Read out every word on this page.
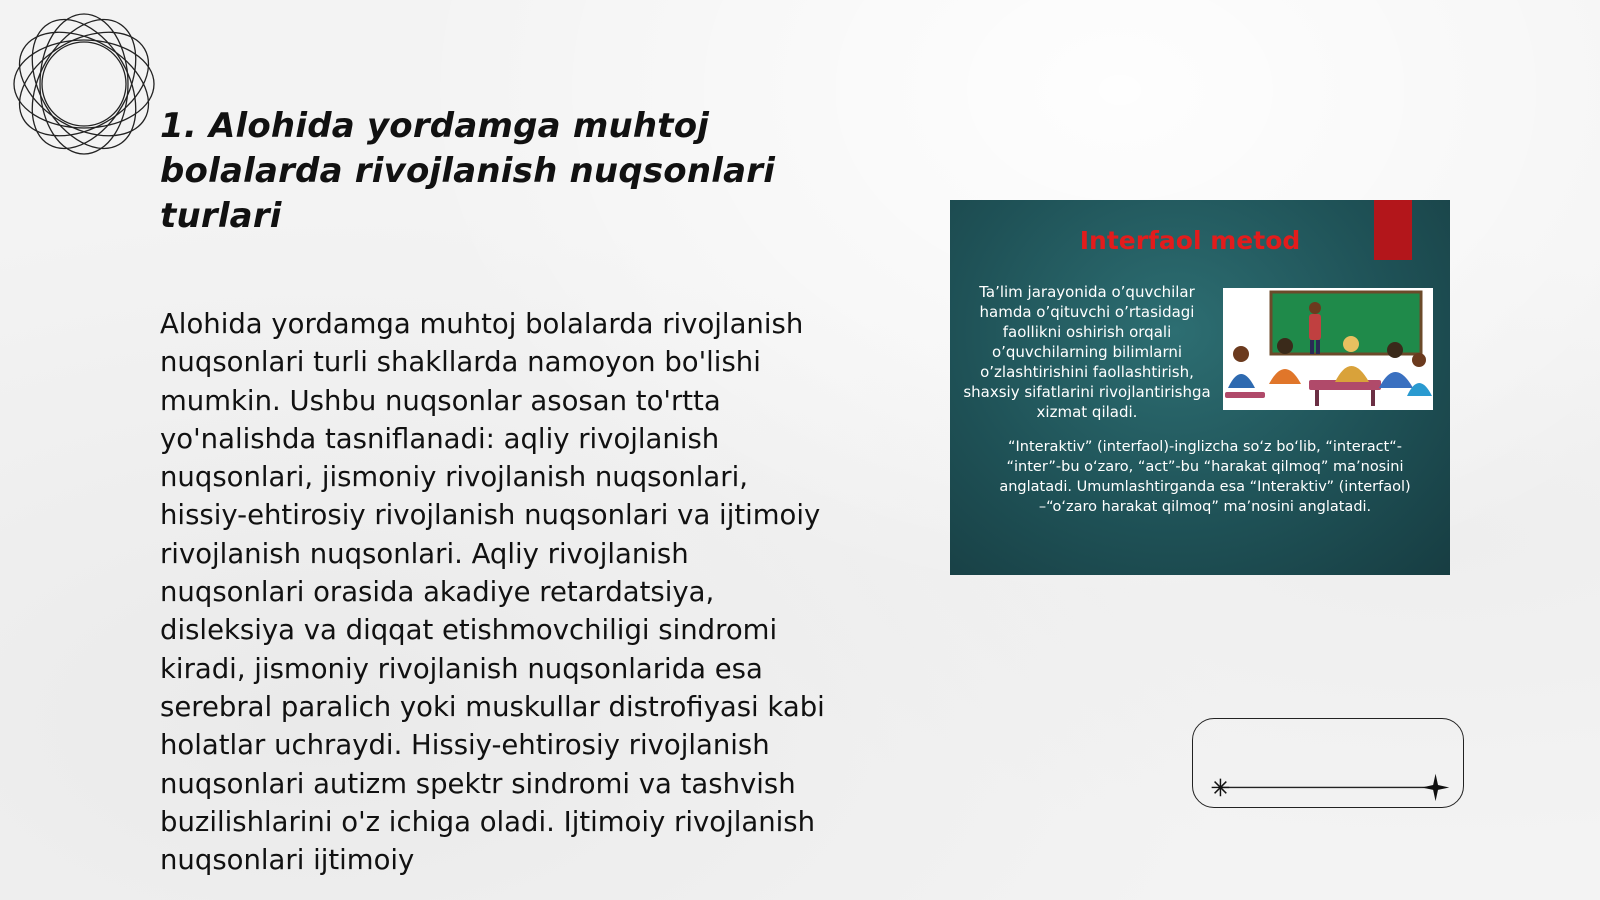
1. Alohida yordamga muhtoj bolalarda rivojlanish nuqsonlari turlari

Alohida yordamga muhtoj bolalarda rivojlanish nuqsonlari turli shakllarda namoyon bo'lishi mumkin. Ushbu nuqsonlar asosan to'rtta yo'nalishda tasniflanadi: aqliy rivojlanish nuqsonlari, jismoniy rivojlanish nuqsonlari, hissiy-ehtirosiy rivojlanish nuqsonlari va ijtimoiy rivojlanish nuqsonlari. Aqliy rivojlanish nuqsonlari orasida akadiye retardatsiya, disleksiya va diqqat etishmovchiligi sindromi kiradi, jismoniy rivojlanish nuqsonlarida esa serebral paralich yoki muskullar distrofiyasi kabi holatlar uchraydi. Hissiy-ehtirosiy rivojlanish nuqsonlari autizm spektr sindromi va tashvish buzilishlarini o'z ichiga oladi. Ijtimoiy rivojlanish nuqsonlari ijtimoiy

Interfaol metod

Ta’lim jarayonida o’quvchilar hamda o’qituvchi o’rtasidagi faollikni oshirish orqali o’quvchilarning bilimlarni o’zlashtirishini faollashtirish, shaxsiy sifatlarini rivojlantirishga xizmat qiladi.

“Interaktiv” (interfaol)-inglizcha so‘z bo‘lib, “interact“- “inter”-bu o‘zaro, “act”-bu “harakat qilmoq” ma’nosini anglatadi. Umumlashtirganda esa “Interaktiv” (interfaol) –“o‘zaro harakat qilmoq” ma’nosini anglatadi.
